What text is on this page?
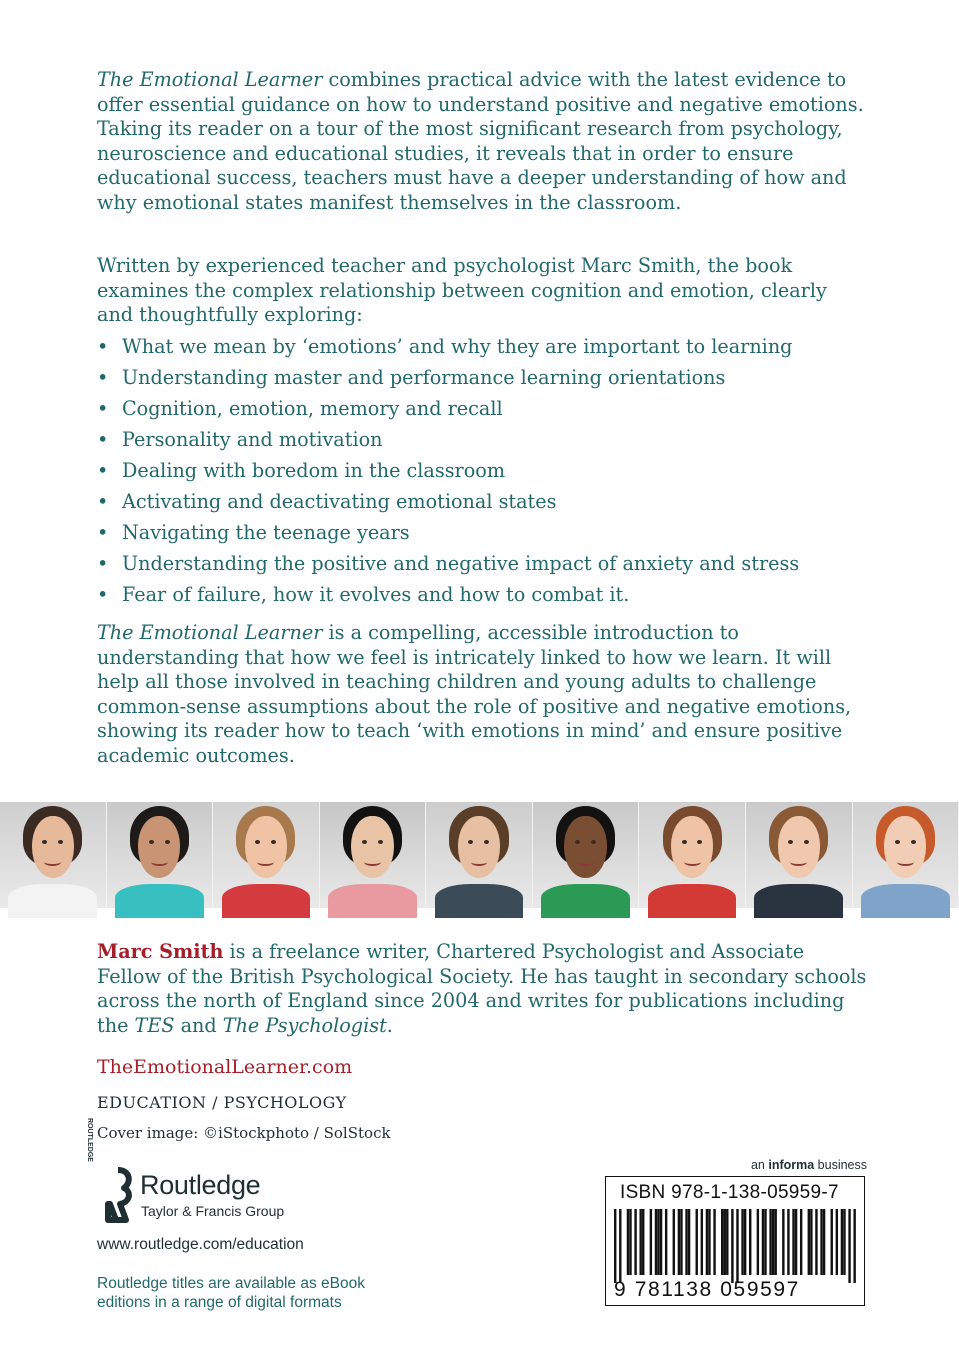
The Emotional Learner combines practical advice with the latest evidence to offer essential guidance on how to understand positive and negative emotions. Taking its reader on a tour of the most significant research from psychology, neuroscience and educational studies, it reveals that in order to ensure educational success, teachers must have a deeper understanding of how and why emotional states manifest themselves in the classroom.

Written by experienced teacher and psychologist Marc Smith, the book examines the complex relationship between cognition and emotion, clearly and thoughtfully exploring:

• What we mean by ‘emotions’ and why they are important to learning
• Understanding master and performance learning orientations
• Cognition, emotion, memory and recall
• Personality and motivation
• Dealing with boredom in the classroom
• Activating and deactivating emotional states
• Navigating the teenage years
• Understanding the positive and negative impact of anxiety and stress
• Fear of failure, how it evolves and how to combat it.

The Emotional Learner is a compelling, accessible introduction to understanding that how we feel is intricately linked to how we learn. It will help all those involved in teaching children and young adults to challenge common-sense assumptions about the role of positive and negative emotions, showing its reader how to teach ‘with emotions in mind’ and ensure positive academic outcomes.

Marc Smith is a freelance writer, Chartered Psychologist and Associate Fellow of the British Psychological Society. He has taught in secondary schools across the north of England since 2004 and writes for publications including the TES and The Psychologist.

TheEmotionalLearner.com
EDUCATION / PSYCHOLOGY
Cover image: ©iStockphoto / SolStock
ROUTLEDGE
Routledge
Taylor & Francis Group
www.routledge.com/education
Routledge titles are available as eBook editions in a range of digital formats
an informa business
ISBN 978-1-138-05959-7
9 781138 059597
